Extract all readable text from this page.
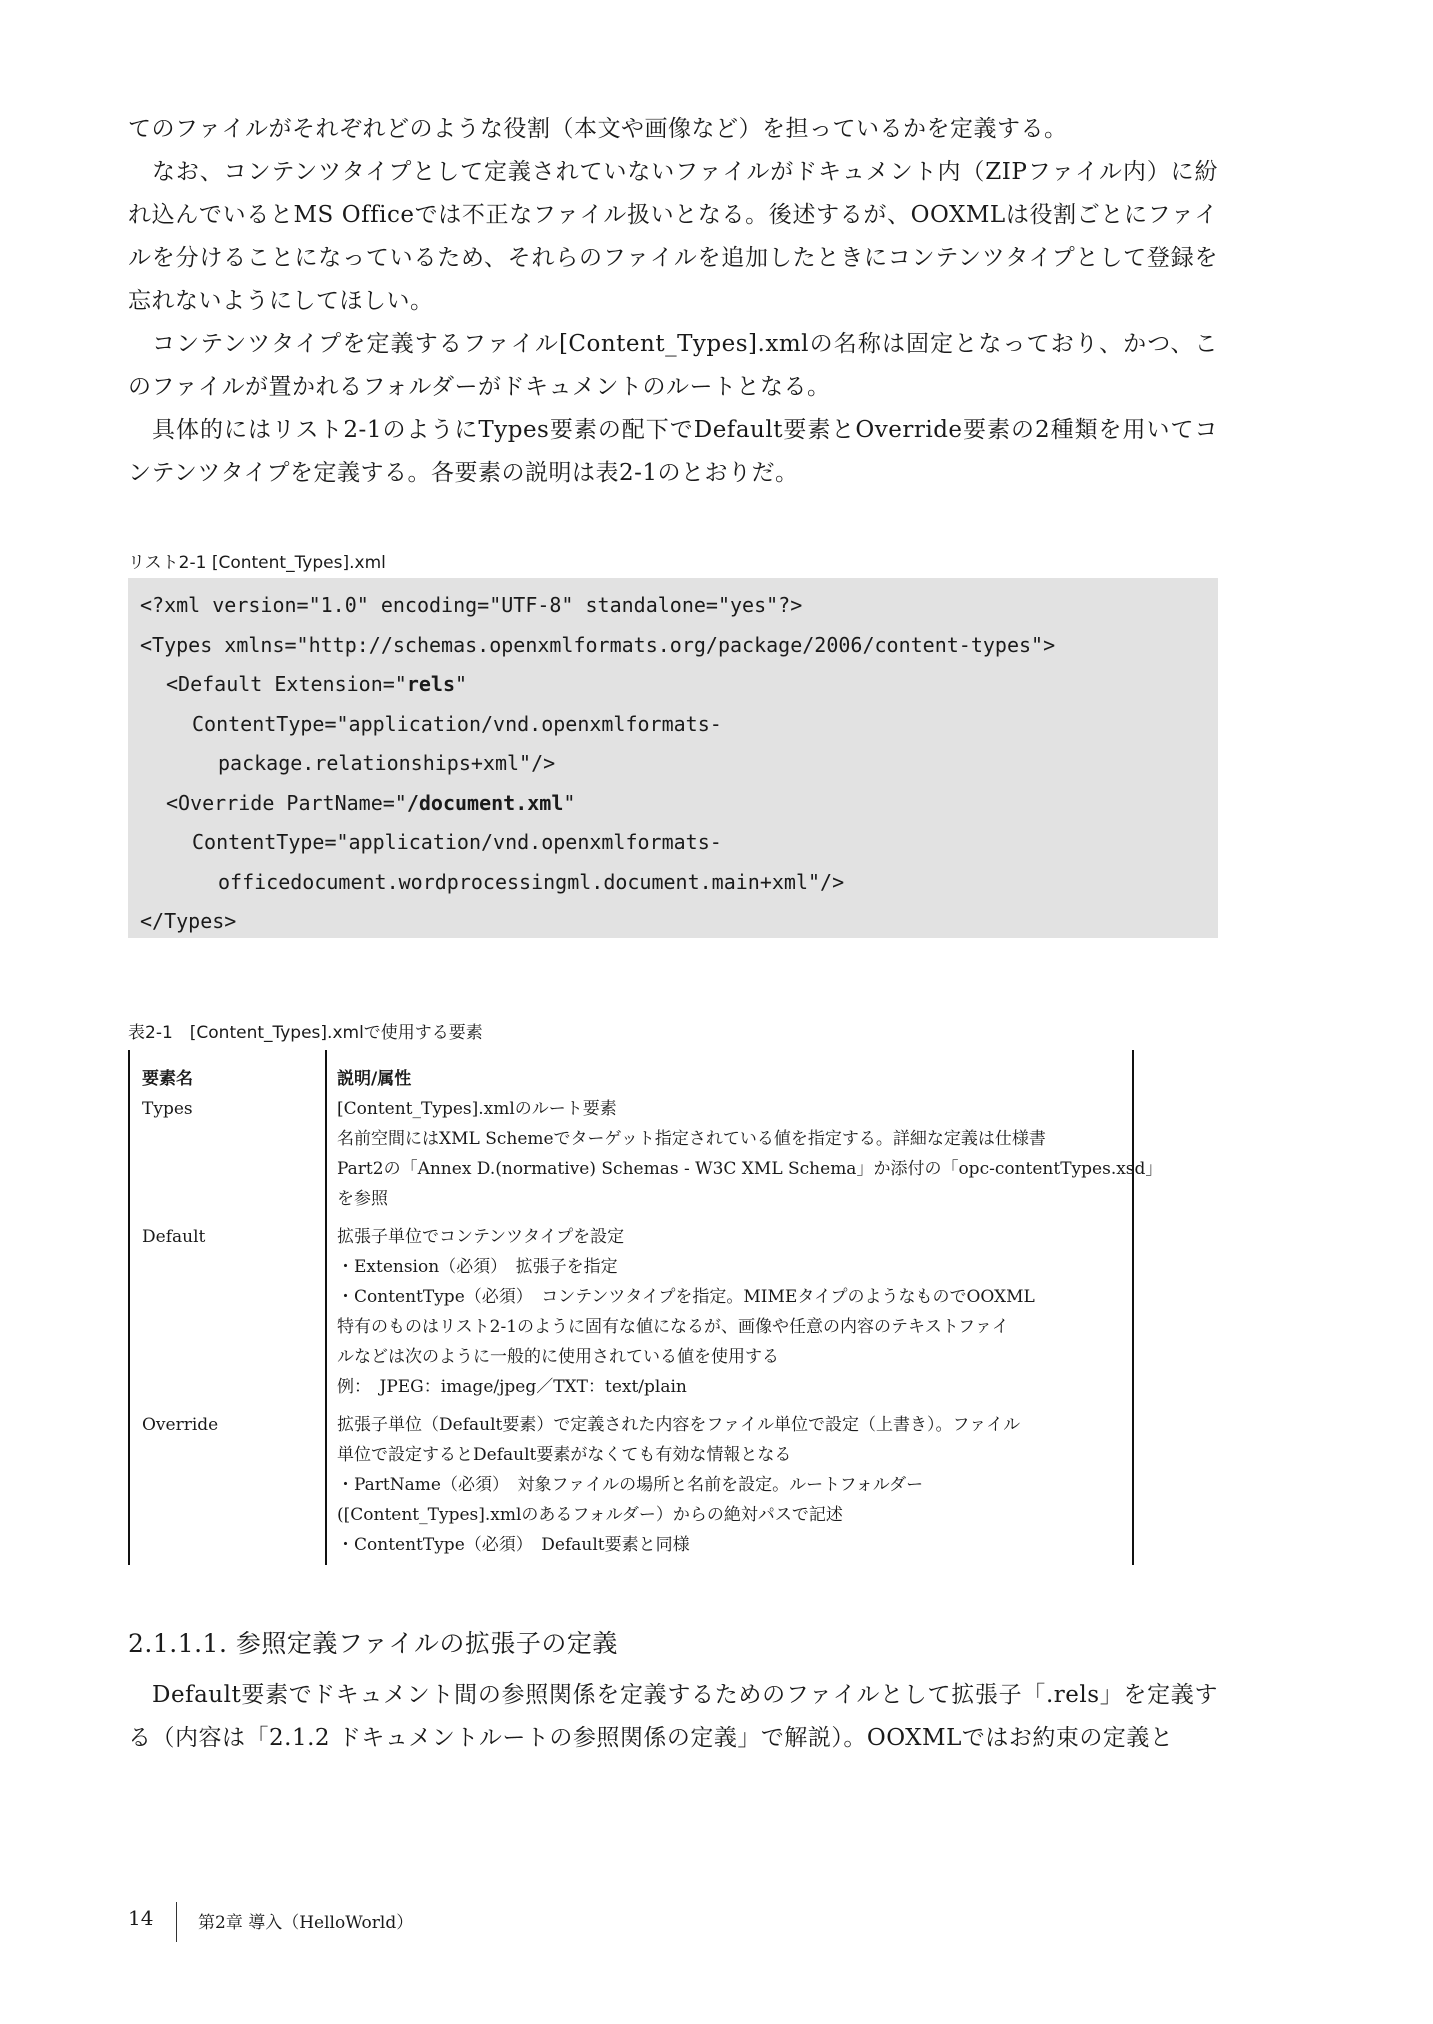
てのファイルがそれぞれどのような役割（本文や画像など）を担っているかを定義する。

なお、コンテンツタイプとして定義されていないファイルがドキュメント内（ZIPファイル内）に紛れ込んでいるとMS Officeでは不正なファイル扱いとなる。後述するが、OOXMLは役割ごとにファイルを分けることになっているため、それらのファイルを追加したときにコンテンツタイプとして登録を忘れないようにしてほしい。

コンテンツタイプを定義するファイル[Content_Types].xmlの名称は固定となっており、かつ、このファイルが置かれるフォルダーがドキュメントのルートとなる。

具体的にはリスト2-1のようにTypes要素の配下でDefault要素とOverride要素の2種類を用いてコンテンツタイプを定義する。各要素の説明は表2-1のとおりだ。

リスト2-1 [Content_Types].xml
<?xml version="1.0" encoding="UTF-8" standalone="yes"?>
<Types xmlns="http://schemas.openxmlformats.org/package/2006/content-types">
<Default Extension="rels"
ContentType="application/vnd.openxmlformats-
package.relationships+xml"/>
<Override PartName="/document.xml"
ContentType="application/vnd.openxmlformats-
officedocument.wordprocessingml.document.main+xml"/>
</Types>
表2-1　[Content_Types].xmlで使用する要素
要素名	説明/属性
Types	[Content_Types].xmlのルート要素
名前空間にはXML Schemeでターゲット指定されている値を指定する。詳細な定義は仕様書
Part2の「Annex D.(normative) Schemas - W3C XML Schema」か添付の「opc-contentTypes.xsd」
を参照
Default	拡張子単位でコンテンツタイプを設定
・Extension（必須）　拡張子を指定
・ContentType（必須）　コンテンツタイプを指定。MIMEタイプのようなものでOOXML
特有のものはリスト2-1のように固有な値になるが、画像や任意の内容のテキストファイ
ルなどは次のように一般的に使用されている値を使用する
例：　JPEG：image/jpeg／TXT：text/plain
Override	拡張子単位（Default要素）で定義された内容をファイル単位で設定（上書き）。ファイル
単位で設定するとDefault要素がなくても有効な情報となる
・PartName（必須）　対象ファイルの場所と名前を設定。ルートフォルダー
([Content_Types].xmlのあるフォルダー）からの絶対パスで記述
・ContentType（必須）　Default要素と同様
2.1.1.1. 参照定義ファイルの拡張子の定義

Default要素でドキュメント間の参照関係を定義するためのファイルとして拡張子「.rels」を定義する（内容は「2.1.2 ドキュメントルートの参照関係の定義」で解説）。OOXMLではお約束の定義と

14	第2章 導入（HelloWorld）
